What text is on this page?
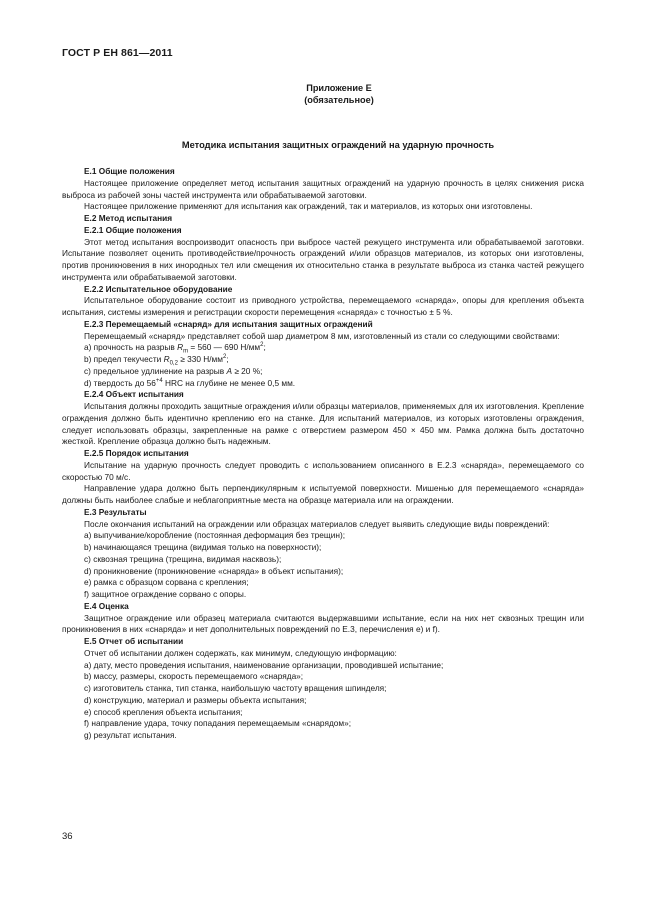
ГОСТ Р ЕН 861—2011
Приложение Е
(обязательное)
Методика испытания защитных ограждений на ударную прочность

Е.1 Общие положения

Настоящее приложение определяет метод испытания защитных ограждений на ударную прочность в целях снижения риска выброса из рабочей зоны частей инструмента или обрабатываемой заготовки.

Настоящее приложение применяют для испытания как ограждений, так и материалов, из которых они изготовлены.

Е.2 Метод испытания

Е.2.1 Общие положения

Этот метод испытания воспроизводит опасность при выбросе частей режущего инструмента или обрабатываемой заготовки. Испытание позволяет оценить противодействие/прочность ограждений и/или образцов материалов, из которых они изготовлены, против проникновения в них инородных тел или смещения их относительно станка в результате выброса из станка частей режущего инструмента или обрабатываемой заготовки.

Е.2.2 Испытательное оборудование

Испытательное оборудование состоит из приводного устройства, перемещаемого «снаряда», опоры для крепления объекта испытания, системы измерения и регистрации скорости перемещения «снаряда» с точностью ± 5 %.

Е.2.3 Перемещаемый «снаряд» для испытания защитных ограждений

Перемещаемый «снаряд» представляет собой шар диаметром 8 мм, изготовленный из стали со следующими свойствами:

a) прочность на разрыв $R_m = 560$ — 690 $Н/мм^2$;

b) предел текучести $R_{0,2} \ge 330$ $Н/мм^2$;

c) предельное удлинение на разрыв A ≥ 20 %;

d) твердость до $56^{+4}$ HRC на глубине не менее 0,5 мм.

Е.2.4 Объект испытания

Испытания должны проходить защитные ограждения и/или образцы материалов, применяемых для их изготовления. Крепление ограждения должно быть идентично креплению его на станке. Для испытаний материалов, из которых изготовлены ограждения, следует использовать образцы, закрепленные на рамке с отверстием размером 450 × 450 мм. Рамка должна быть достаточно жесткой. Крепление образца должно быть надежным.

Е.2.5 Порядок испытания

Испытание на ударную прочность следует проводить с использованием описанного в Е.2.3 «снаряда», перемещаемого со скоростью 70 м/с.

Направление удара должно быть перпендикулярным к испытуемой поверхности. Мишенью для перемещаемого «снаряда» должны быть наиболее слабые и неблагоприятные места на образце материала или на ограждении.

Е.3 Результаты

После окончания испытаний на ограждении или образцах материалов следует выявить следующие виды повреждений:

a) выпучивание/коробление (постоянная деформация без трещин);

b) начинающаяся трещина (видимая только на поверхности);

c) сквозная трещина (трещина, видимая насквозь);

d) проникновение (проникновение «снаряда» в объект испытания);

e) рамка с образцом сорвана с крепления;

f) защитное ограждение сорвано с опоры.

Е.4 Оценка

Защитное ограждение или образец материала считаются выдержавшими испытание, если на них нет сквозных трещин или проникновения в них «снаряда» и нет дополнительных повреждений по Е.3, перечисления e) и f).

Е.5 Отчет об испытании

Отчет об испытании должен содержать, как минимум, следующую информацию:

a) дату, место проведения испытания, наименование организации, проводившей испытание;

b) массу, размеры, скорость перемещаемого «снаряда»;

c) изготовитель станка, тип станка, наибольшую частоту вращения шпинделя;

d) конструкцию, материал и размеры объекта испытания;

e) способ крепления объекта испытания;

f) направление удара, точку попадания перемещаемым «снарядом»;

g) результат испытания.

36
